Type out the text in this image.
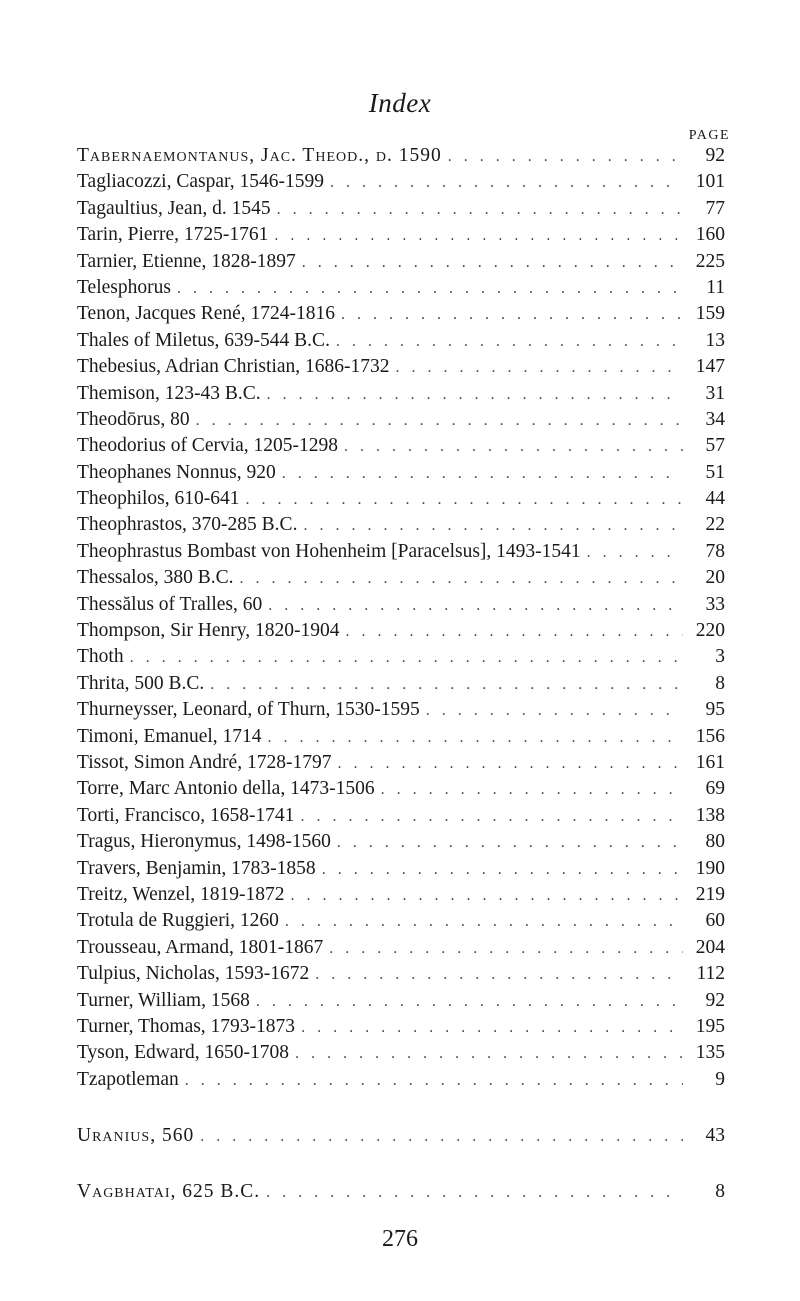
Index
PAGE
Tabernaemontanus, Jac. Theod., d. 1590 . . .	92
Tagliacozzi, Caspar, 1546-1599 . . .	101
Tagaultius, Jean, d. 1545 . . .	77
Tarin, Pierre, 1725-1761 . . .	160
Tarnier, Etienne, 1828-1897 . . .	225
Telesphorus . . .	11
Tenon, Jacques René, 1724-1816 . . .	159
Thales of Miletus, 639-544 B.C. . . .	13
Thebesius, Adrian Christian, 1686-1732 . . .	147
Themison, 123-43 B.C. . . .	31
Theodōrus, 80 . . .	34
Theodorius of Cervia, 1205-1298 . . .	57
Theophanes Nonnus, 920 . . .	51
Theophilos, 610-641 . . .	44
Theophrastos, 370-285 B.C. . . .	22
Theophrastus Bombast von Hohenheim [Paracelsus], 1493-1541 . . .	78
Thessalos, 380 B.C. . . .	20
Thessălus of Tralles, 60 . . .	33
Thompson, Sir Henry, 1820-1904 . . .	220
Thoth . . .	3
Thrita, 500 B.C. . . .	8
Thurneysser, Leonard, of Thurn, 1530-1595 . . .	95
Timoni, Emanuel, 1714 . . .	156
Tissot, Simon André, 1728-1797 . . .	161
Torre, Marc Antonio della, 1473-1506 . . .	69
Torti, Francisco, 1658-1741 . . .	138
Tragus, Hieronymus, 1498-1560 . . .	80
Travers, Benjamin, 1783-1858 . . .	190
Treitz, Wenzel, 1819-1872 . . .	219
Trotula de Ruggieri, 1260 . . .	60
Trousseau, Armand, 1801-1867 . . .	204
Tulpius, Nicholas, 1593-1672 . . .	112
Turner, William, 1568 . . .	92
Turner, Thomas, 1793-1873 . . .	195
Tyson, Edward, 1650-1708 . . .	135
Tzapotleman . . .	9
Uranius, 560 . . .	43
Vagbhatai, 625 B.C. . . .	8
276
